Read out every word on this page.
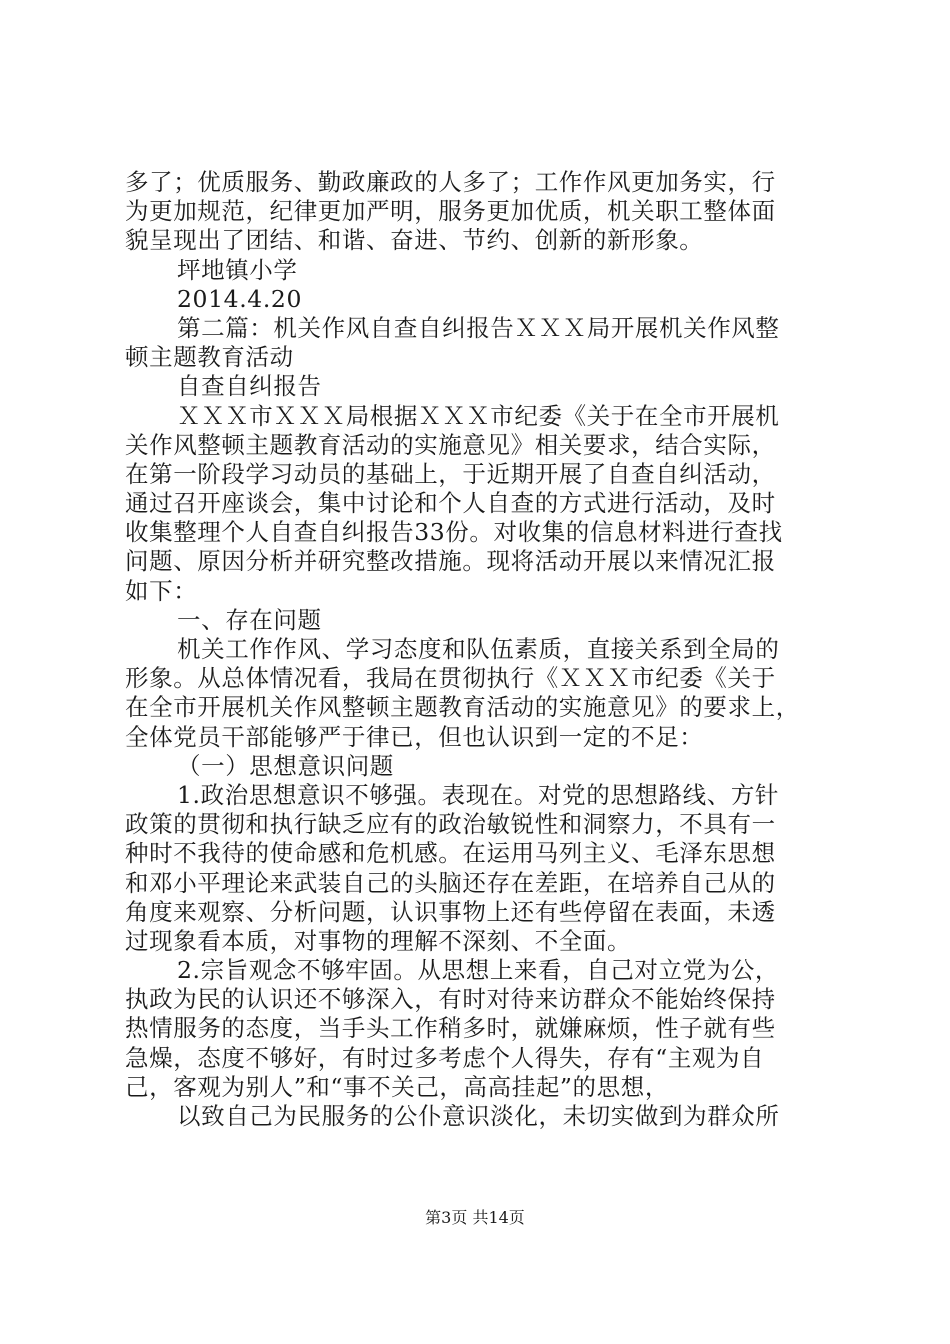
多了；优质服务、勤政廉政的人多了；工作作风更加务实，行
为更加规范，纪律更加严明，服务更加优质，机关职工整体面
貌呈现出了团结、和谐、奋进、节约、创新的新形象。
坪地镇小学
2014.4.20
第二篇：机关作风自查自纠报告ＸＸＸ局开展机关作风整
顿主题教育活动
自查自纠报告
ＸＸＸ市ＸＸＸ局根据ＸＸＸ市纪委《关于在全市开展机
关作风整顿主题教育活动的实施意见》相关要求，结合实际，
在第一阶段学习动员的基础上，于近期开展了自查自纠活动，
通过召开座谈会，集中讨论和个人自查的方式进行活动，及时
收集整理个人自查自纠报告33份。对收集的信息材料进行查找
问题、原因分析并研究整改措施。现将活动开展以来情况汇报
如下：
一、存在问题
机关工作作风、学习态度和队伍素质，直接关系到全局的
形象。从总体情况看，我局在贯彻执行《ＸＸＸ市纪委《关于
在全市开展机关作风整顿主题教育活动的实施意见》的要求上，
全体党员干部能够严于律已，但也认识到一定的不足：
（一）思想意识问题
1.政治思想意识不够强。表现在。对党的思想路线、方针
政策的贯彻和执行缺乏应有的政治敏锐性和洞察力，不具有一
种时不我待的使命感和危机感。在运用马列主义、毛泽东思想
和邓小平理论来武装自己的头脑还存在差距，在培养自己从的
角度来观察、分析问题，认识事物上还有些停留在表面，未透
过现象看本质，对事物的理解不深刻、不全面。
2.宗旨观念不够牢固。从思想上来看，自己对立党为公，
执政为民的认识还不够深入，有时对待来访群众不能始终保持
热情服务的态度，当手头工作稍多时，就嫌麻烦，性子就有些
急燥，态度不够好，有时过多考虑个人得失，存有“主观为自
己，客观为别人”和“事不关己，高高挂起”的思想，
以致自己为民服务的公仆意识淡化，未切实做到为群众所
第3页 共14页
